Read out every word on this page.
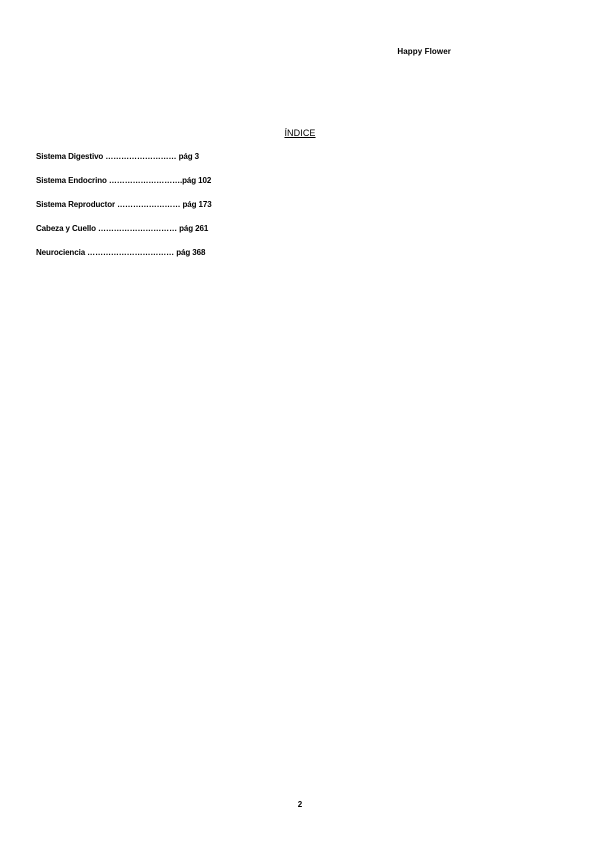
Happy Flower
ÍNDICE
Sistema Digestivo ……………………… pág 3
Sistema Endocrino ……………………….pág 102
Sistema Reproductor …………………… pág 173
Cabeza y Cuello ………………………… pág 261
Neurociencia …………………………… pág 368
2
